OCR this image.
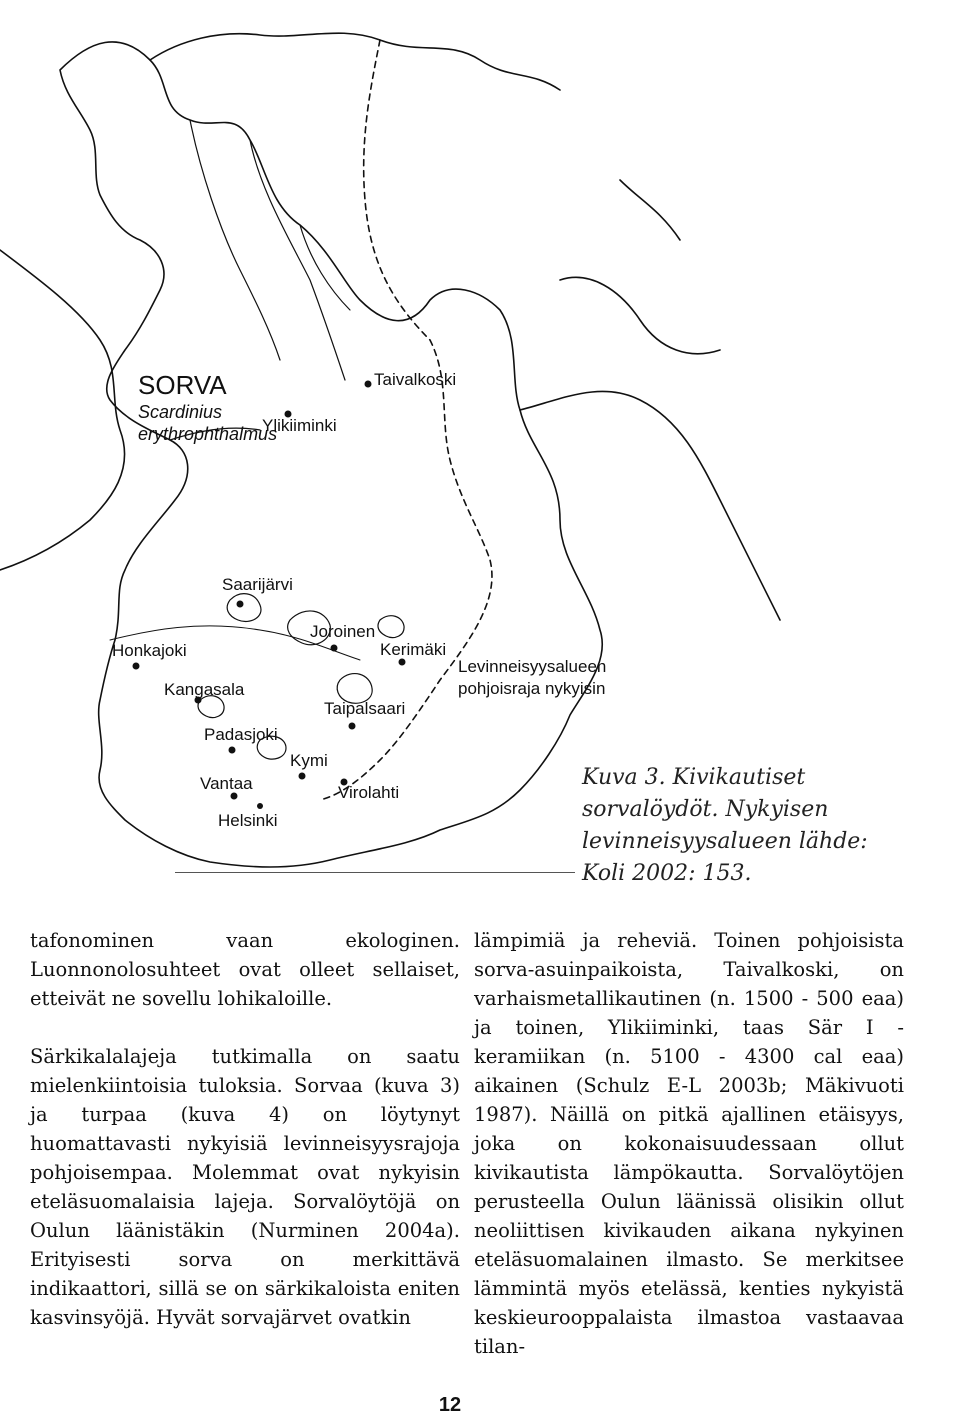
SORVA
Scardinius
erythrophthalmus
Levinneisyysalueen
pohjoisraja nykyisin
Taivalkoski
Ylikiiminki
Saarijärvi
Honkajoki
Joroinen
Kerimäki
Kangasala
Taipalsaari
Padasjoki
Kymi
Vantaa	Virolahti
Helsinki
Kuva 3. Kivikautiset sorvalöydöt. Nykyisen levinneisyysalueen lähde: Koli 2002: 153.

tafonominen vaan ekologinen. Luonnonolosuhteet ovat olleet sellaiset, etteivät ne sovellu lohikaloille.

Särkikalalajeja tutkimalla on saatu mielenkiintoisia tuloksia. Sorvaa (kuva 3) ja turpaa (kuva 4) on löytynyt huomattavasti nykyisiä levinneisyysrajoja pohjoisempaa. Molemmat ovat nykyisin eteläsuomalaisia lajeja. Sorvalöytöjä on Oulun läänistäkin (Nurminen 2004a). Erityisesti sorva on merkittävä indikaattori, sillä se on särkikaloista eniten kasvinsyöjä. Hyvät sorvajärvet ovatkin

lämpimiä ja reheviä. Toinen pohjoisista sorva-asuinpaikoista, Taivalkoski, on varhaismetallikautinen (n. 1500 - 500 eaa) ja toinen, Ylikiiminki, taas Sär I - keramiikan (n. 5100 - 4300 cal eaa) aikainen (Schulz E-L 2003b; Mäkivuoti 1987). Näillä on pitkä ajallinen etäisyys, joka on kokonaisuudessaan ollut kivikautista lämpökautta. Sorvalöytöjen perusteella Oulun läänissä olisikin ollut neoliittisen kivikauden aikana nykyinen eteläsuomalainen ilmasto. Se merkitsee lämmintä myös etelässä, kenties nykyistä keskieurooppalaista ilmastoa vastaavaa tilan-

12
